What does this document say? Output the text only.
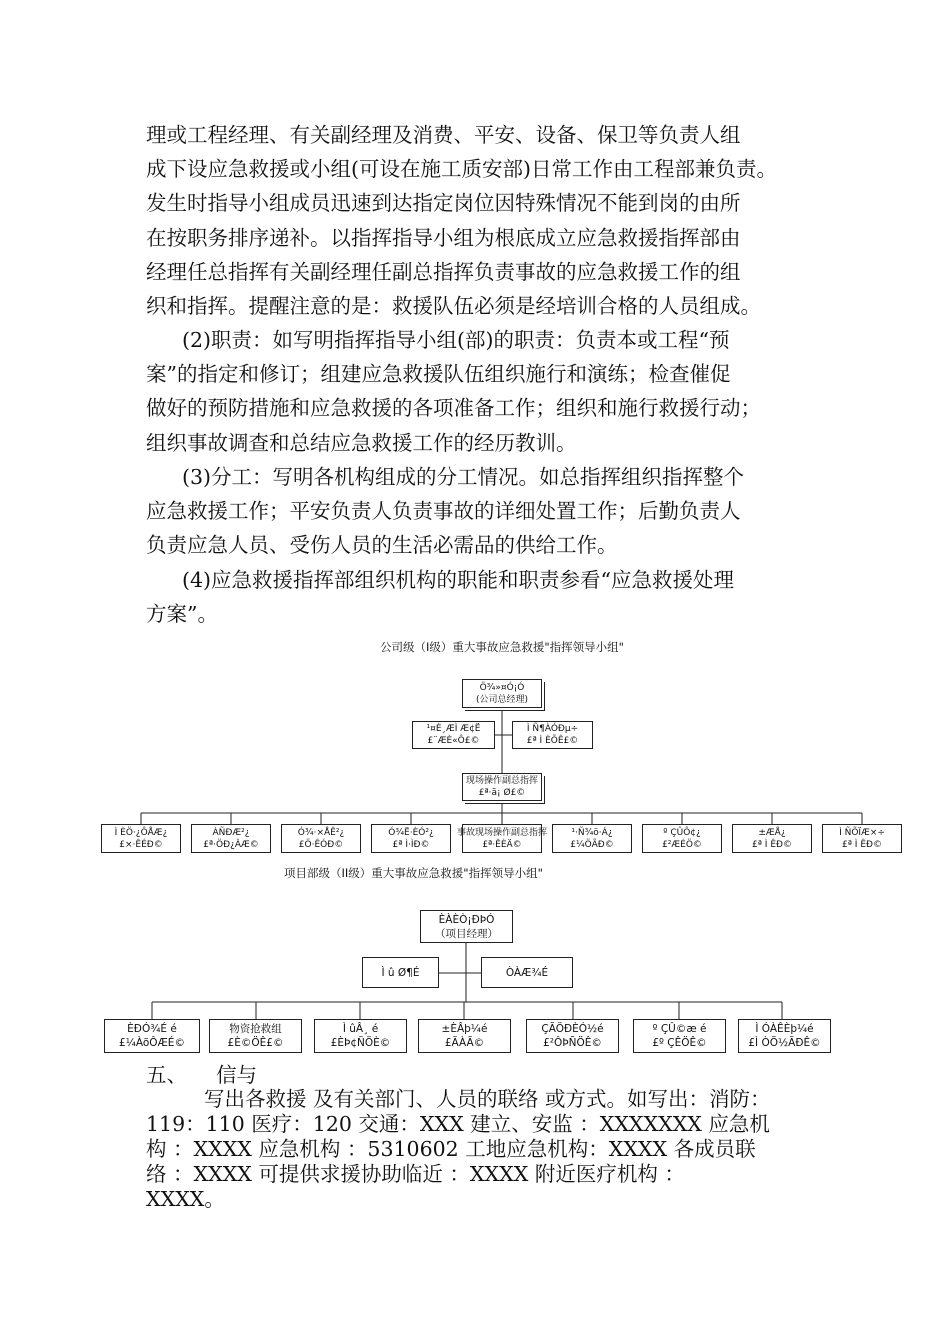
理或工程经理、有关副经理及消费、平安、设备、保卫等负责人组
成下设应急救援或小组(可设在施工质安部)日常工作由工程部兼负责。
发生时指导小组成员迅速到达指定岗位因特殊情况不能到岗的由所
在按职务排序递补。以指挥指导小组为根底成立应急救援指挥部由
经理任总指挥有关副经理任副总指挥负责事故的应急救援工作的组
织和指挥。提醒注意的是：救援队伍必须是经培训合格的人员组成。
(2)职责：如写明指挥指导小组(部)的职责：负责本或工程“预
案”的指定和修订；组建应急救援队伍组织施行和演练；检查催促
做好的预防措施和应急救援的各项准备工作；组织和施行救援行动；
组织事故调查和总结应急救援工作的经历教训。
(3)分工：写明各机构组成的分工情况。如总指挥组织指挥整个
应急救援工作；平安负责人负责事故的详细处置工作；后勤负责人
负责应急人员、受伤人员的生活必需品的供给工作。
(4)应急救援指挥部组织机构的职能和职责参看“应急救援处理
方案”。
公司级（I级）重大事故应急救援"指挥领导小组"
Ö¾»¤Ó¡Ó
(公司总经理)
¹¤È¸ÆÌ Æ¢Ë
£¨ÆÈ«Ô£©
Ì Ñ¶ÀÓÐµ÷
£ª Ì ÈÕÊ£©
现场操作副总指挥
£ª·ã¡ Ø£©
Ì ÈÖ·¿ÔÅÆ¿
£×·ÊÉÐ©
ÀÑÐÆ²¿
£ª·ÖÐ¿ÂÆ©
Ó¾·×ÅÊ²¿
£Ö·ÊÓÐ©
Ó¾Ë·ÈÓ²¿
£ª Ì·ÌÐ©
事故现场操作副总指挥
£ª·ÊÈÄ©
¹·Ñ¾ö·Á¿
£¼ÖÃÐ©
º ÇÛÔ¢¿
£²ÆÉÖ©
±ÆÅ¿
£ª Ì ÊÐ©
Ì ÑÕÏÆ×÷
£ª Ì ÊÐ©
项目部级（II级）重大事故应急救援"指挥领导小组"
ÈÀÈÒ¡ÐÞÓ
（项目经理）
Ì û Ø¶É	ÒÀÆ¾É
ÈÐÓ¾É é
£¼ÀõÔÆÉ©
物资抢救组
£È©ÖÊ£©
Ì ûÂ¸ é
£ÈÞ¢ÑÖÈ©
±ÈÂþ¼é
£ÃÀÃ©
ÇÃÖÐÈÓ½é
£²ÔÞÑÖÊ©
º ÇÛ©æ é
£º ÇÊÖÊ©
Ì ÓÀÊÈþ¼é
£Ì ÒÕ½ÃÐÊ©
五、 信与
写出各救援 及有关部门、人员的联络 或方式。如写出：消防：
119：110 医疗：120 交通：XXX 建立、安监 ：XXXXXXX 应急机
构 ：XXXX 应急机构 ：5310602 工地应急机构：XXXX 各成员联
络 ：XXXX 可提供求援协助临近 ：XXXX 附近医疗机构 ：
XXXX。
